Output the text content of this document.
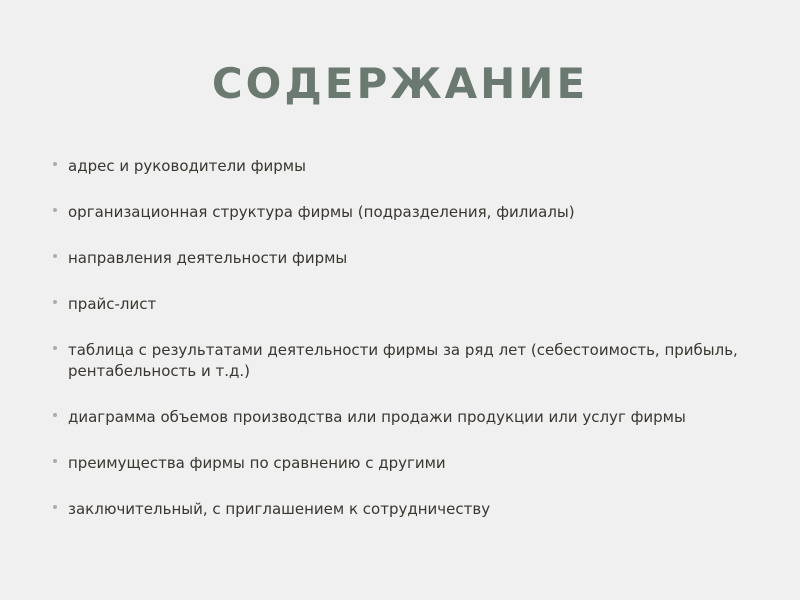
СОДЕРЖАНИЕ
адрес и руководители фирмы
организационная структура фирмы (подразделения, филиалы)
направления деятельности фирмы
прайс-лист
таблица с результатами деятельности фирмы за ряд лет (себестоимость, прибыль, рентабельность и т.д.)
диаграмма объемов производства или продажи продукции или услуг фирмы
преимущества фирмы по сравнению с другими
заключительный, с приглашением к сотрудничеству
